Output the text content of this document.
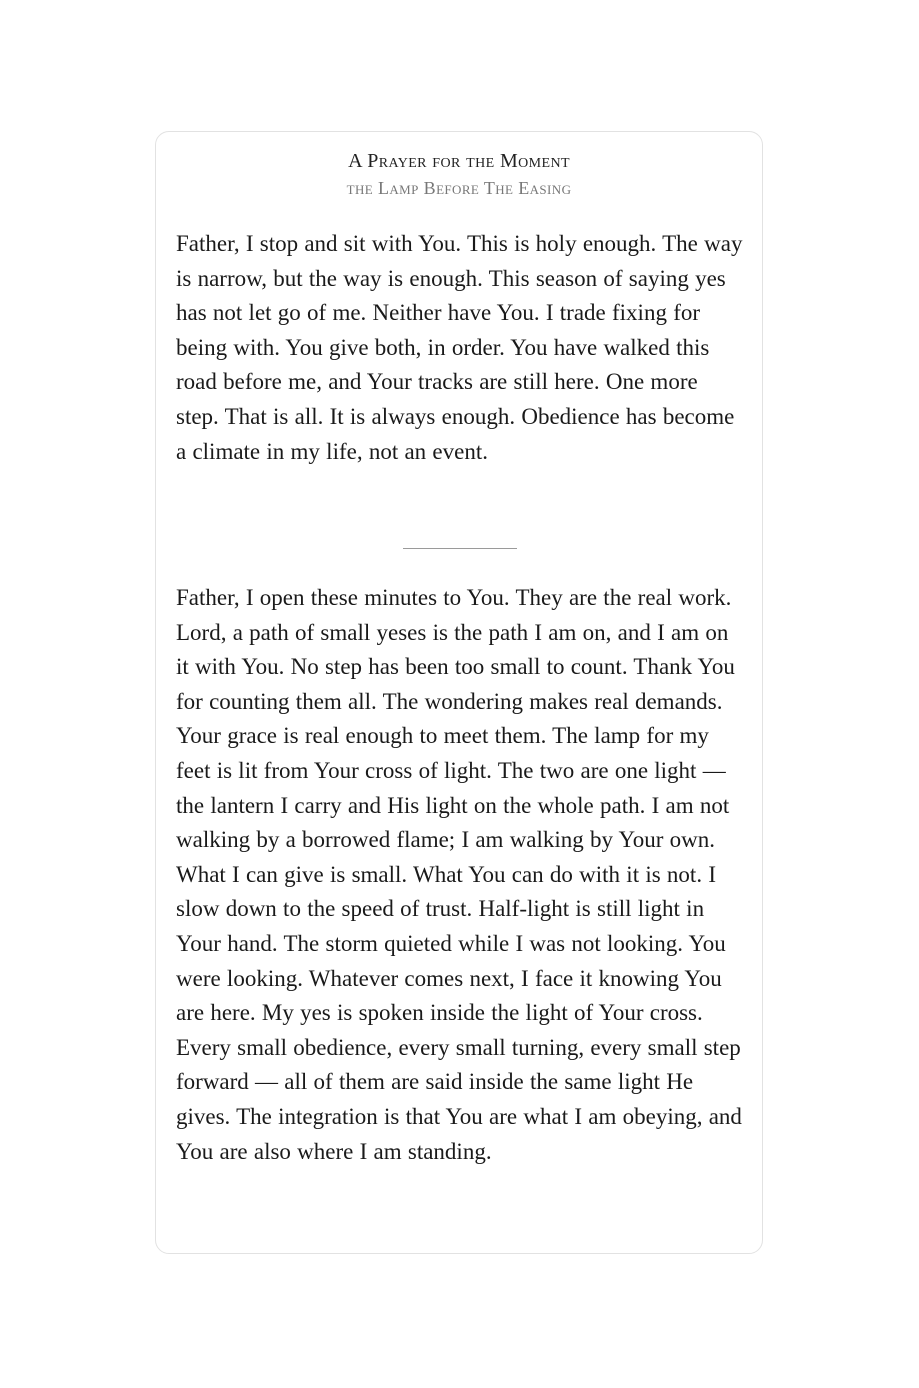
A Prayer for the Moment

the Lamp Before The Easing

Father, I stop and sit with You. This is holy enough. The way is narrow, but the way is enough. This season of saying yes has not let go of me. Neither have You. I trade fixing for being with. You give both, in order. You have walked this road before me, and Your tracks are still here. One more step. That is all. It is always enough. Obedience has become a climate in my life, not an event.

Father, I open these minutes to You. They are the real work. Lord, a path of small yeses is the path I am on, and I am on it with You. No step has been too small to count. Thank You for counting them all. The wondering makes real demands. Your grace is real enough to meet them. The lamp for my feet is lit from Your cross of light. The two are one light — the lantern I carry and His light on the whole path. I am not walking by a borrowed flame; I am walking by Your own. What I can give is small. What You can do with it is not. I slow down to the speed of trust. Half-light is still light in Your hand. The storm quieted while I was not looking. You were looking. Whatever comes next, I face it knowing You are here. My yes is spoken inside the light of Your cross. Every small obedience, every small turning, every small step forward — all of them are said inside the same light He gives. The integration is that You are what I am obeying, and You are also where I am standing.
